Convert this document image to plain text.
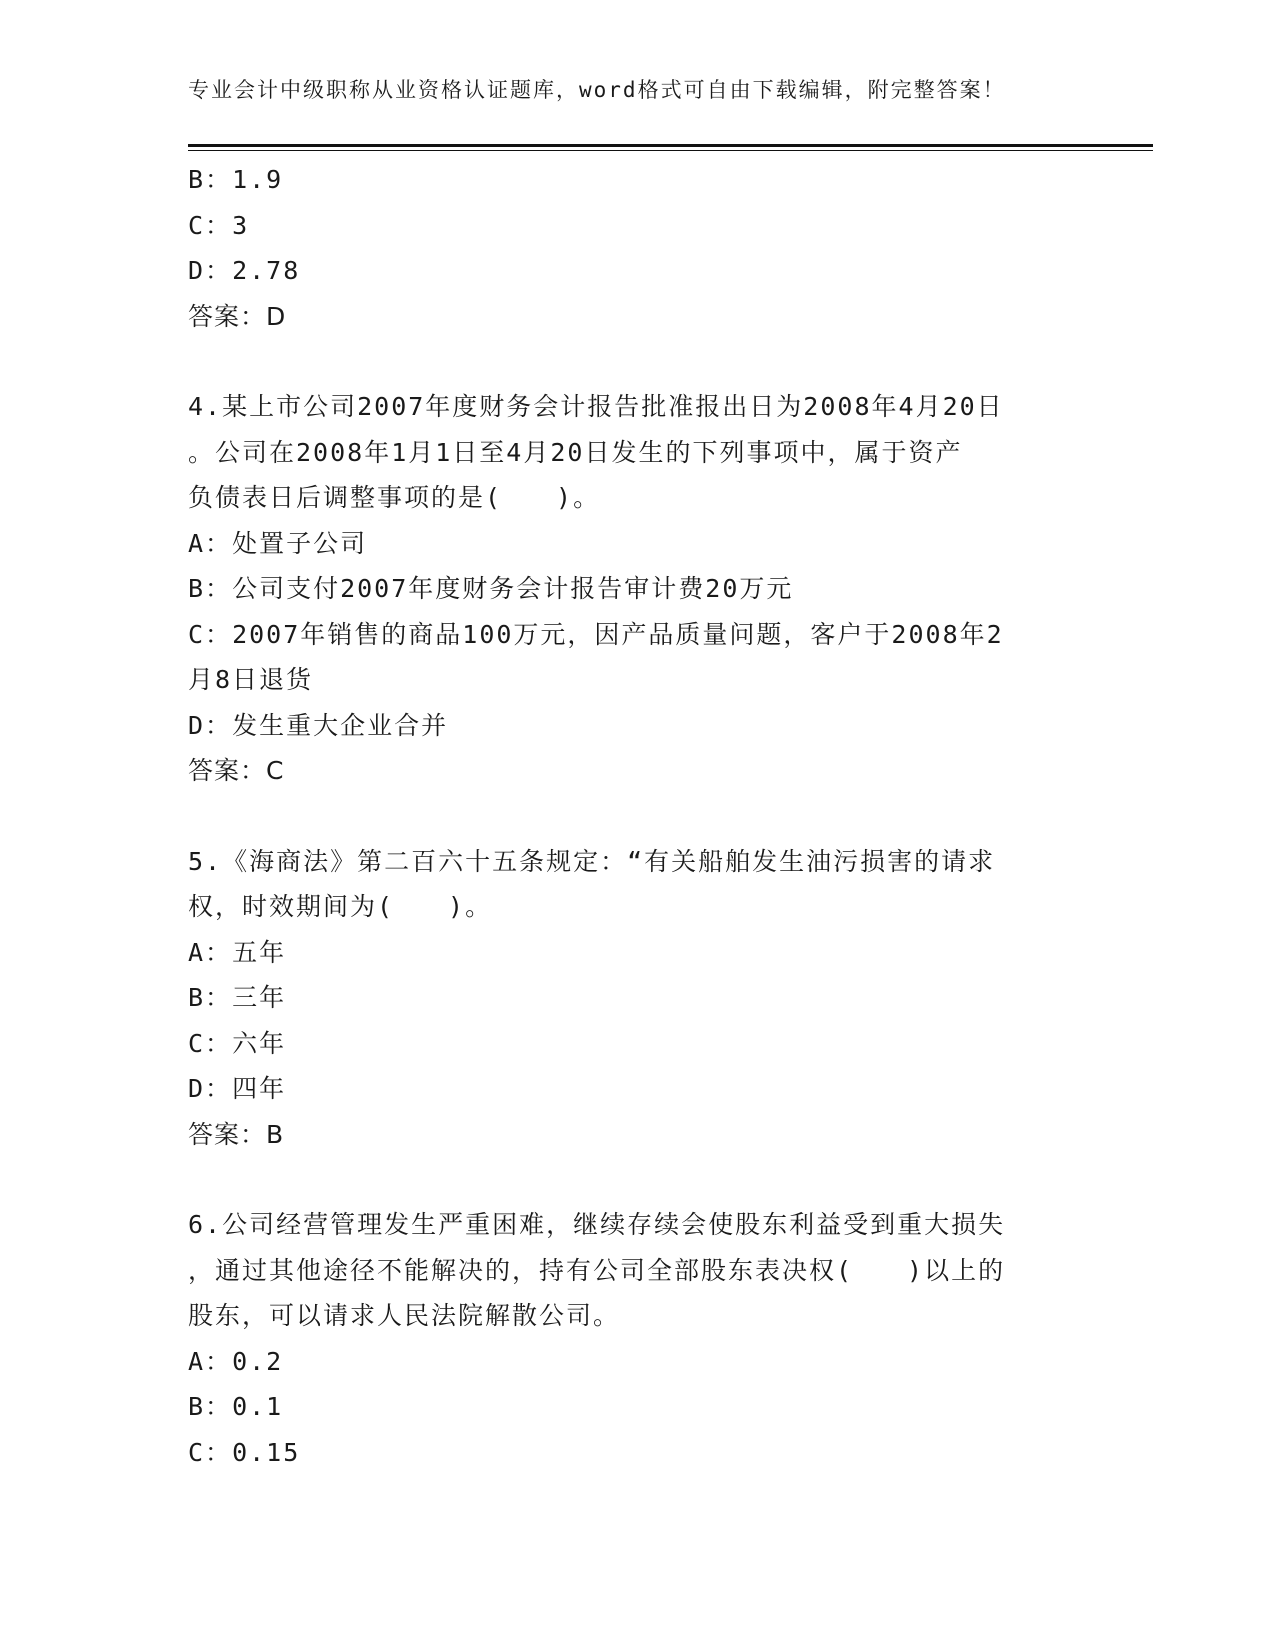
专业会计中级职称从业资格认证题库，word格式可自由下载编辑，附完整答案！
B：1.9
C：3
D：2.78
答案：D
4.某上市公司2007年度财务会计报告批准报出日为2008年4月20日
。公司在2008年1月1日至4月20日发生的下列事项中，属于资产
负债表日后调整事项的是(　　)。
A：处置子公司
B：公司支付2007年度财务会计报告审计费20万元
C：2007年销售的商品100万元，因产品质量问题，客户于2008年2
月8日退货
D：发生重大企业合并
答案：C
5.《海商法》第二百六十五条规定：“有关船舶发生油污损害的请求
权，时效期间为(　　)。
A：五年
B：三年
C：六年
D：四年
答案：B
6.公司经营管理发生严重困难，继续存续会使股东利益受到重大损失
，通过其他途径不能解决的，持有公司全部股东表决权(　　)以上的
股东，可以请求人民法院解散公司。
A：0.2
B：0.1
C：0.15
